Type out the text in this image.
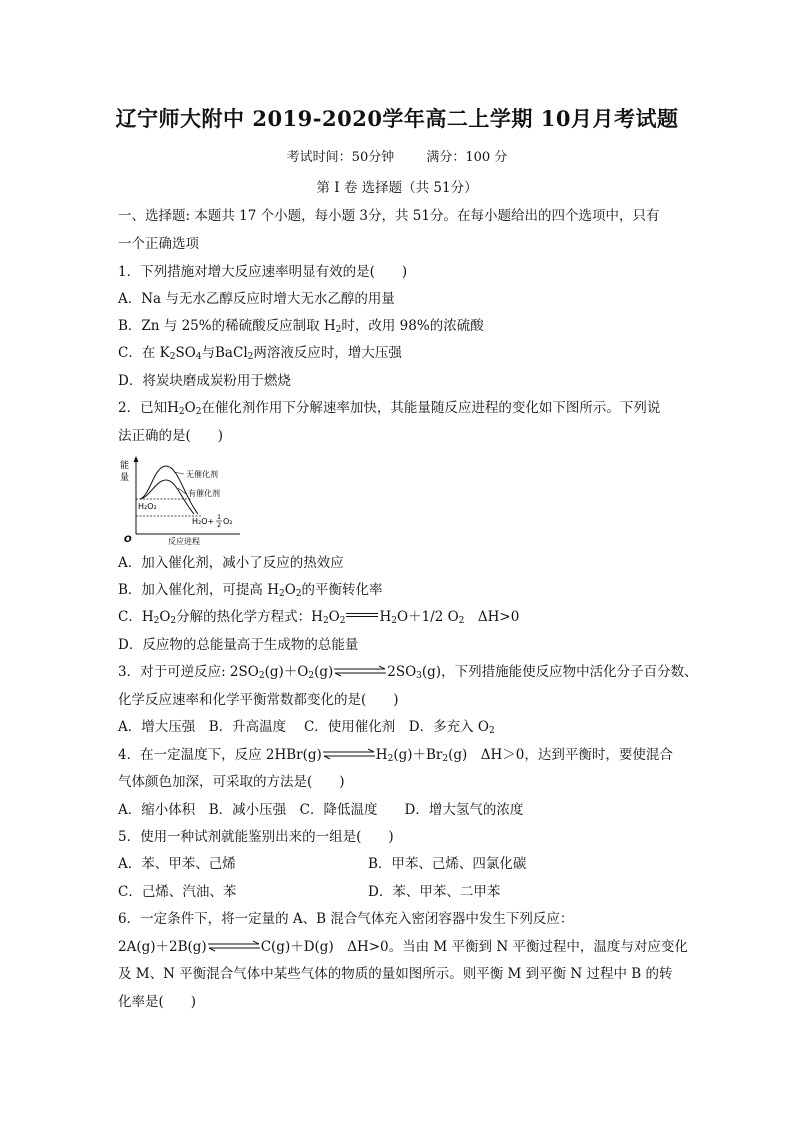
辽宁师大附中 2019-2020学年高二上学期 10月月考试题
考试时间：50分钟 满分：100 分
第 Ⅰ 卷 选择题（共 51分）
一、选择题: 本题共 17 个小题，每小题 3分，共 51分。在每小题给出的四个选项中，只有
一个正确选项
1．下列措施对增大反应速率明显有效的是(　　)
A．Na 与无水乙醇反应时增大无水乙醇的用量
B．Zn 与 25%的稀硫酸反应制取 $H_2$时，改用 98%的浓硫酸
C．在 $K_2SO_4$与BaCl$_2$两溶液反应时，增大压强
D．将炭块磨成炭粉用于燃烧
2．已知$H_2O_2$在催化剂作用下分解速率加快，其能量随反应进程的变化如下图所示。下列说
法正确的是(　　)
能
量	无催化剂
有催化剂
H₂O₂
H₂O+ 1
2 O₂
O	反应进程
A．加入催化剂，减小了反应的热效应
B．加入催化剂，可提高 $H_2O_2$的平衡转化率
C．$H_2O_2$分解的热化学方程式：$H_2O_2$	$H_2O+1/2$ $O_2$　ΔH>0
D．反应物的总能量高于生成物的总能量
3．对于可逆反应: $2SO_2(g)+O_2(g)\rightleftharpoons 2SO_3(g)$，下列措施能使反应物中活化分子百分数、
化学反应速率和化学平衡常数都变化的是(　　)
A．增大压强　B．升高温度　 C．使用催化剂　D．多充入 $O_2$
4．在一定温度下，反应 $2HBr(g)\rightleftharpoons H_2(g)+Br_2(g)$　ΔH＞0，达到平衡时，要使混合
气体颜色加深，可采取的方法是(　　)
A．缩小体积　B．减小压强　C．降低温度　　D．增大氢气的浓度
5．使用一种试剂就能鉴别出来的一组是(　　)
A．苯、甲苯、己烯	B．甲苯、己烯、四氯化碳
C．己烯、汽油、苯	D．苯、甲苯、二甲苯
6．一定条件下，将一定量的 A、B 混合气体充入密闭容器中发生下列反应：
2A(g)＋2B(g)⇌C(g)＋D(g)　ΔH>0。当由 M 平衡到 N 平衡过程中，温度与对应变化
及 M、N 平衡混合气体中某些气体的物质的量如图所示。则平衡 M 到平衡 N 过程中 B 的转
化率是(　　)
